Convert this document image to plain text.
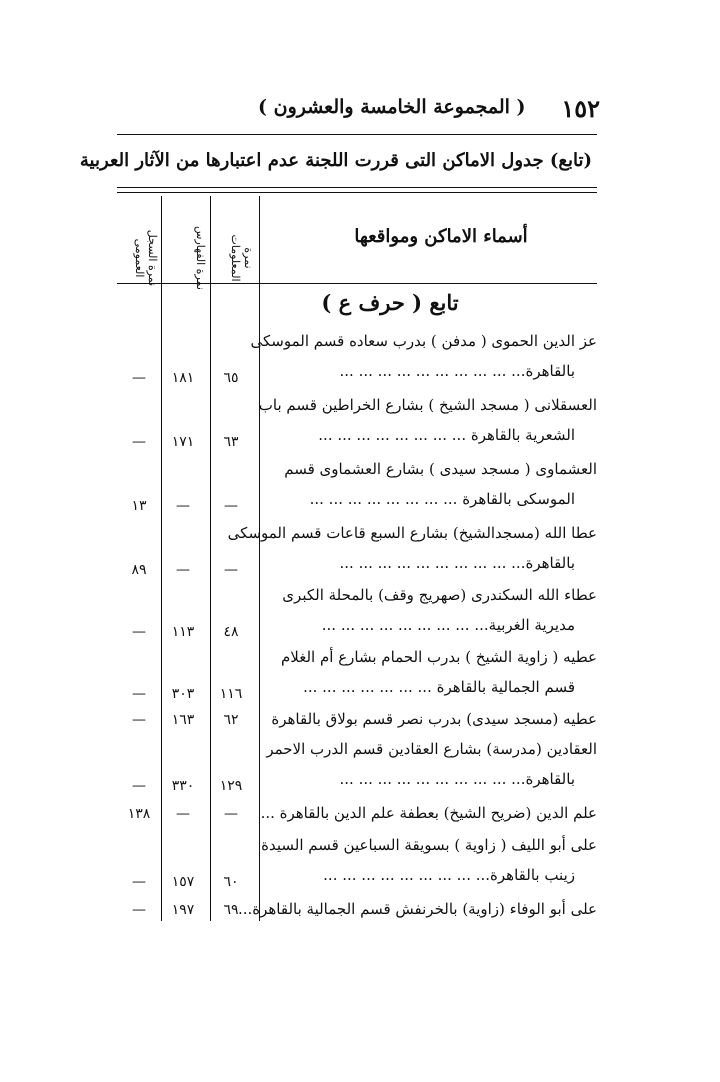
١٥٢
( المجموعة الخامسة والعشرون )
(تابع) جدول الاماكن التى قررت اللجنة عدم اعتبارها من الآثار العربية
أسماء الاماكن ومواقعها
نمرة المعلومات
نمرة الفهارس
نمرة السجل العمومى
تابع ( حرف ع )
عز الدين الحموى ( مدفن ) بدرب سعاده قسم الموسكى
بالقاهرة... ... ... ... ... ... ... ... ... ...
٦٥
١٨١
—
العسقلانى ( مسجد الشيخ ) بشارع الخراطين قسم باب
الشعرية بالقاهرة ... ... ... ... ... ... ... ...
٦٣
١٧١
—
العشماوى ( مسجد سيدى ) بشارع العشماوى قسم
الموسكى بالقاهرة ... ... ... ... ... ... ... ...
—
—
١٣
عطا الله (مسجدالشيخ) بشارع السبع قاعات قسم الموسكى
بالقاهرة... ... ... ... ... ... ... ... ... ...
—
—
٨٩
عطاء الله السكندرى (صهريج وقف) بالمحلة الكبرى
مديرية الغربية... ... ... ... ... ... ... ... ...
٤٨
١١٣
—
عطيه ( زاوية الشيخ ) بدرب الحمام بشارع أم الغلام
قسم الجمالية بالقاهرة ... ... ... ... ... ... ...
١١٦
٣٠٣
—
عطيه (مسجد سيدى) بدرب نصر قسم بولاق بالقاهرة
٦٢
١٦٣
—
العقادين (مدرسة) بشارع العقادين قسم الدرب الاحمر
بالقاهرة... ... ... ... ... ... ... ... ... ...
١٢٩
٣٣٠
—
علم الدين (ضريح الشيخ) بعطفة علم الدين بالقاهرة ...
—
—
١٣٨
على أبو الليف ( زاوية ) بسويقة السباعين قسم السيدة
زينب بالقاهرة... ... ... ... ... ... ... ... ...
٦٠
١٥٧
—
على أبو الوفاء (زاوية) بالخرنفش قسم الجمالية بالقاهرة...
٦٩
١٩٧
—
